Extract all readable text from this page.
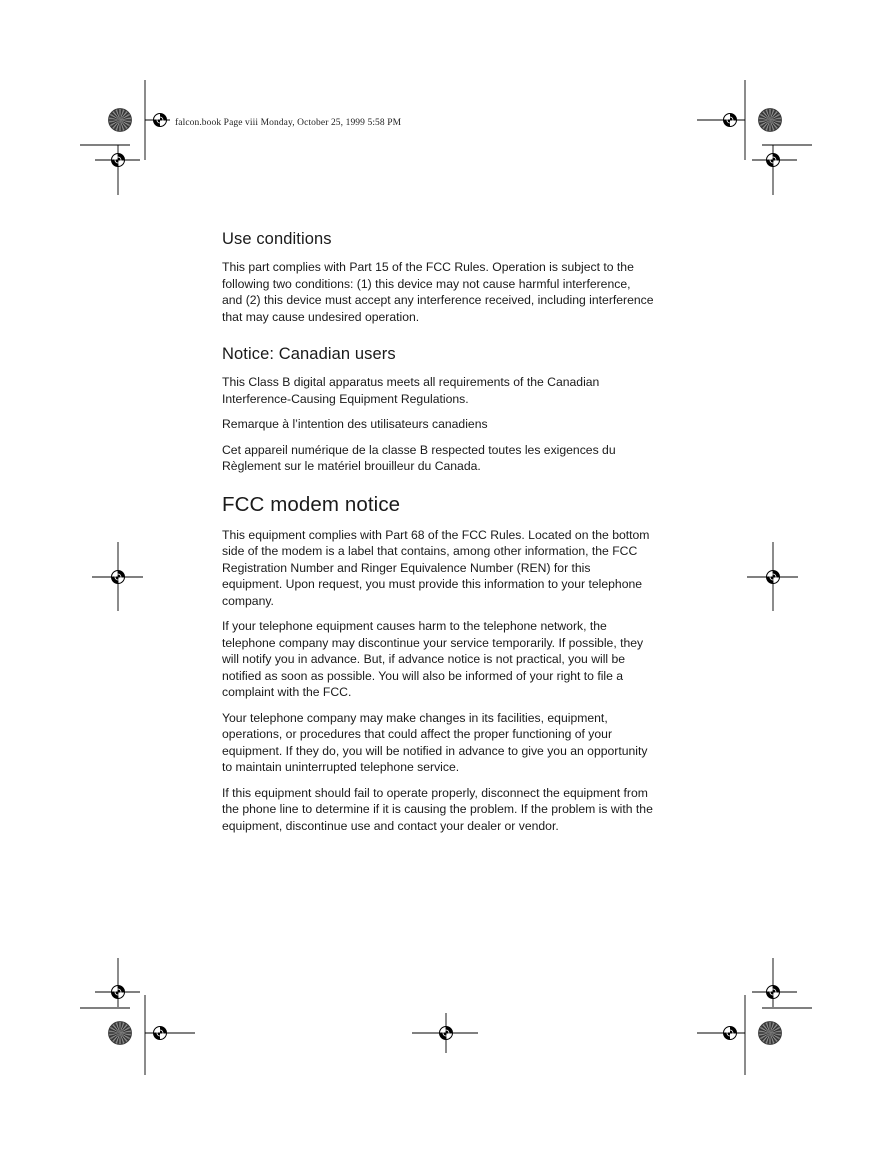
falcon.book Page viii Monday, October 25, 1999 5:58 PM
Use conditions

This part complies with Part 15 of the FCC Rules. Operation is subject to the following two conditions: (1) this device may not cause harmful interference, and (2) this device must accept any interference received, including interference that may cause undesired operation.

Notice: Canadian users

This Class B digital apparatus meets all requirements of the Canadian Interference-Causing Equipment Regulations.

Remarque à l’intention des utilisateurs canadiens

Cet appareil numérique de la classe B respected toutes les exigences du Règlement sur le matériel brouilleur du Canada.

FCC modem notice

This equipment complies with Part 68 of the FCC Rules. Located on the bottom side of the modem is a label that contains, among other information, the FCC Registration Number and Ringer Equivalence Number (REN) for this equipment. Upon request, you must provide this information to your telephone company.

If your telephone equipment causes harm to the telephone network, the telephone company may discontinue your service temporarily. If possible, they will notify you in advance. But, if advance notice is not practical, you will be notified as soon as possible. You will also be informed of your right to file a complaint with the FCC.

Your telephone company may make changes in its facilities, equipment, operations, or procedures that could affect the proper functioning of your equipment. If they do, you will be notified in advance to give you an opportunity to maintain uninterrupted telephone service.

If this equipment should fail to operate properly, disconnect the equipment from the phone line to determine if it is causing the problem. If the problem is with the equipment, discontinue use and contact your dealer or vendor.
